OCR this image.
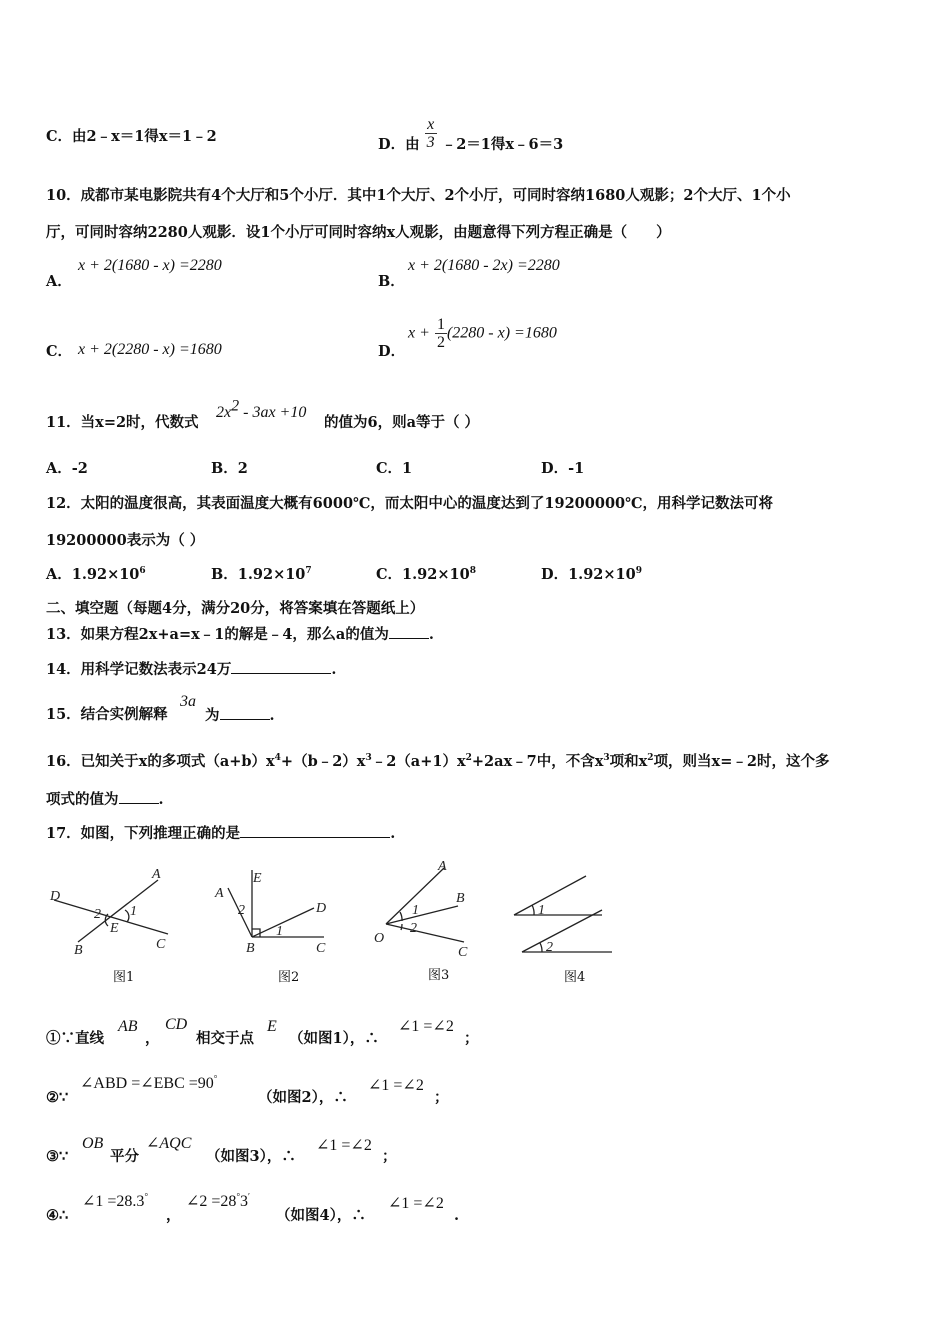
C．由2﹣x＝1得x＝1﹣2	D．由 $\frac{x}{3}$ ﹣2＝1得x﹣6＝3
10．成都市某电影院共有4个大厅和5个小厅．其中1个大厅、2个小厅，可同时容纳1680人观影；2个大厅、1个小
厅，可同时容纳2280人观影．设1个小厅可同时容纳x人观影，由题意得下列方程正确是（　　）
A．
x + 2(1680 - x) =2280
B．
x + 2(1680 - 2x) =2280
C． x + 2(2280 - x) =1680	D．
$x + \frac{1}{2} (2280 - x) =1680$
11．当x=2时，代数式
$2x^2 - 3ax +10$
的值为6，则a等于（ ）
A．-2	B．2	C．1	D．-1
12．太阳的温度很高，其表面温度大概有6000℃，而太阳中心的温度达到了19200000℃，用科学记数法可将
19200000表示为（ ）
A．$1.92\times 10^6$	B．$1.92\times 10^7$	C．$1.92\times 10^8$	D．$1.92\times 10^9$
二、填空题（每题4分，满分20分，将答案填在答题纸上）
13．如果方程2x+a=x﹣1的解是﹣4，那么a的值为	.
14．用科学记数法表示24万	.
15．结合实例解释
3a
为	.
16．已知关于x的多项式$(a+b)x^4+(b﹣2)x^3﹣2(a+1)x^2+2ax﹣7$中，不含$x^3$项和$x^2$项，则当x=﹣2时，这个多
项式的值为	.
17．如图，下列推理正确的是	.
D
A
2 1
E
B	C
E
A
2	D
1
B	C
A
B
1
O
2
C
1
2
图1	图2	图3	图4
①∵直线
AB
，
CD
相交于点
E
（如图1），∴
∠1 =∠2
；
②∵
∠ABD =∠EBC =90°
（如图2），∴
∠1 =∠2
；
③∵
OB
平分
∠AQC
（如图3），∴
∠1 =∠2
；
④∴
∠1 =28.3°
，
∠2 =28°3′
（如图4），∴
∠1 =∠2
.
